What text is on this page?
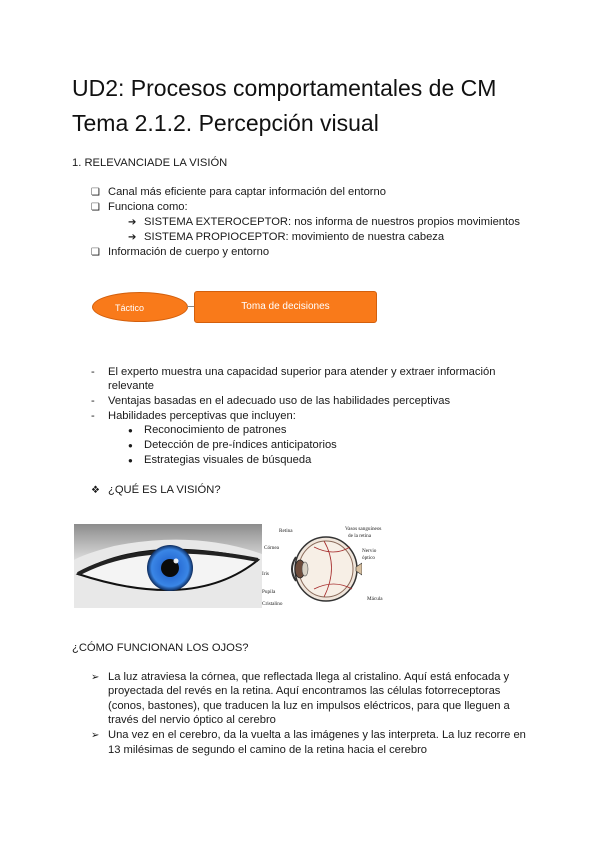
UD2: Procesos comportamentales de CM
Tema 2.1.2. Percepción visual
1. RELEVANCIADE LA VISIÓN
❏ Canal más eficiente para captar información del entorno
❏ Funciona como:
➔ SISTEMA EXTEROCEPTOR: nos informa de nuestros propios movimientos
➔ SISTEMA PROPIOCEPTOR: movimiento de nuestra cabeza
❏ Información de cuerpo y entorno
Táctico	Toma de decisiones
- El experto muestra una capacidad superior para atender y extraer información
relevante
- Ventajas basadas en el adecuado uso de las habilidades perceptivas
- Habilidades perceptivas que incluyen:
● Reconocimiento de patrones
● Detección de pre-índices anticipatorios
● Estrategias visuales de búsqueda
❖ ¿QUÉ ES LA VISIÓN?
Retina	Vasos sanguíneos
de la retina
Córnea	Nervio
óptico
Iris
Pupila
Cristalino
Mácula
¿CÓMO FUNCIONAN LOS OJOS?
➢ La luz atraviesa la córnea, que reflectada llega al cristalino. Aquí está enfocada y
proyectada del revés en la retina. Aquí encontramos las células fotorreceptoras
(conos, bastones), que traducen la luz en impulsos eléctricos, para que lleguen a
través del nervio óptico al cerebro
➢ Una vez en el cerebro, da la vuelta a las imágenes y las interpreta. La luz recorre en
13 milésimas de segundo el camino de la retina hacia el cerebro
